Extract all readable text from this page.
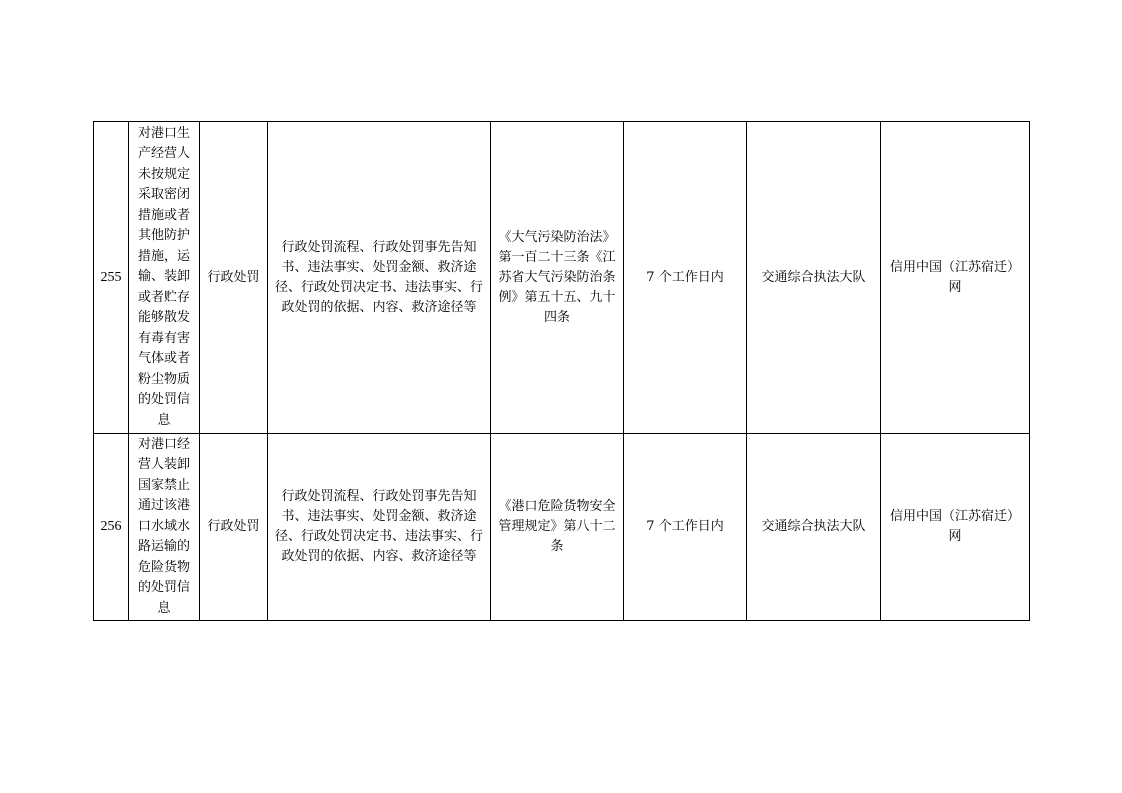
255	对港口生产经营人未按规定采取密闭措施或者其他防护措施，运输、装卸或者贮存能够散发有毒有害气体或者粉尘物质的处罚信息	行政处罚	行政处罚流程、行政处罚事先告知书、违法事实、处罚金额、救济途径、行政处罚决定书、违法事实、行政处罚的依据、内容、救济途径等	《大气污染防治法》第一百二十三条《江苏省大气污染防治条例》第五十五、九十四条	7 个工作日内	交通综合执法大队	信用中国（江苏宿迁）网
256	对港口经营人装卸国家禁止通过该港口水域水路运输的危险货物的处罚信息	行政处罚	行政处罚流程、行政处罚事先告知书、违法事实、处罚金额、救济途径、行政处罚决定书、违法事实、行政处罚的依据、内容、救济途径等	《港口危险货物安全管理规定》第八十二条	7 个工作日内	交通综合执法大队	信用中国（江苏宿迁）网
